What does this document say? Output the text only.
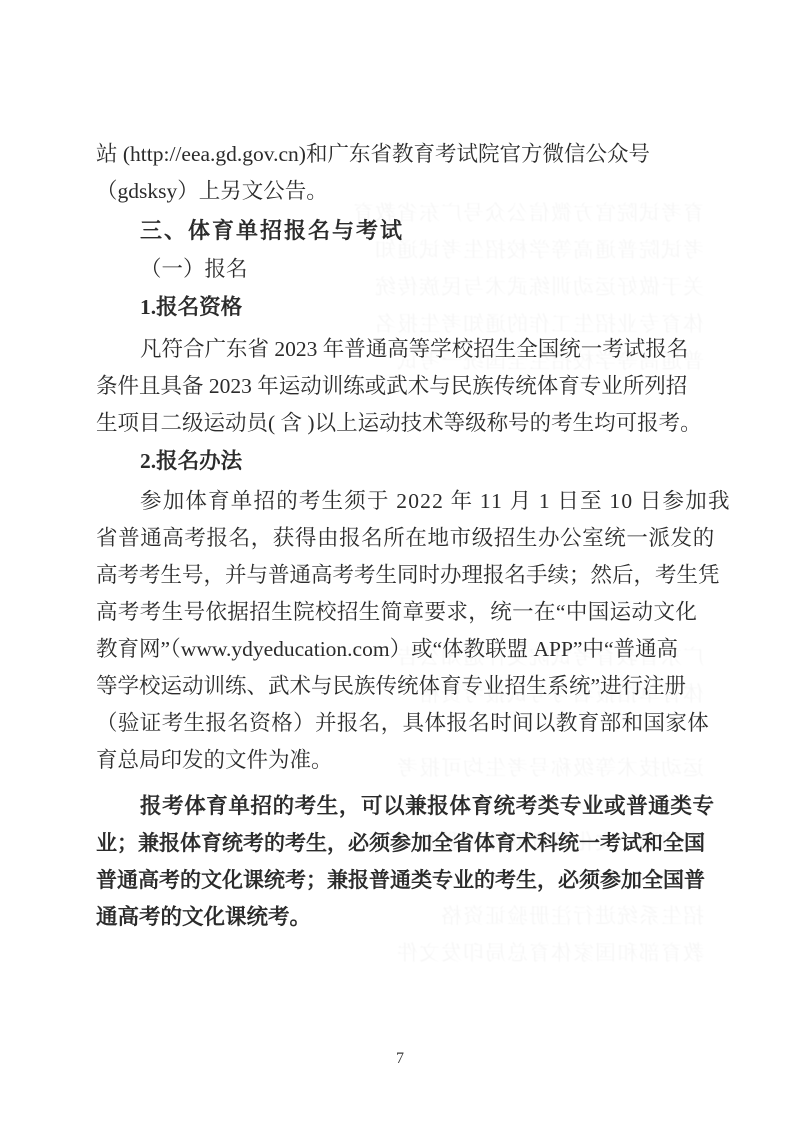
站 (http://eea.gd.gov.cn)和广东省教育考试院官方微信公众号
（gdsksy）上另文公告。
三、体育单招报名与考试
（一）报名
1.报名资格
凡符合广东省 2023 年普通高等学校招生全国统一考试报名
条件且具备 2023 年运动训练或武术与民族传统体育专业所列招
生项目二级运动员( 含 )以上运动技术等级称号的考生均可报考。
2.报名办法
参加体育单招的考生须于 2022 年 11 月 1 日至 10 日参加我
省普通高考报名，获得由报名所在地市级招生办公室统一派发的
高考考生号，并与普通高考考生同时办理报名手续；然后，考生凭
高考考生号依据招生院校招生简章要求，统一在“中国运动文化
教育网”（www.ydyeducation.com）或“体教联盟 APP”中“普通高
等学校运动训练、武术与民族传统体育专业招生系统”进行注册
（验证考生报名资格）并报名，具体报名时间以教育部和国家体
育总局印发的文件为准。
报考体育单招的考生，可以兼报体育统考类专业或普通类专
业；兼报体育统考的考生，必须参加全省体育术科统一考试和全国
普通高考的文化课统考；兼报普通类专业的考生，必须参加全国普
通高考的文化课统考。
7
